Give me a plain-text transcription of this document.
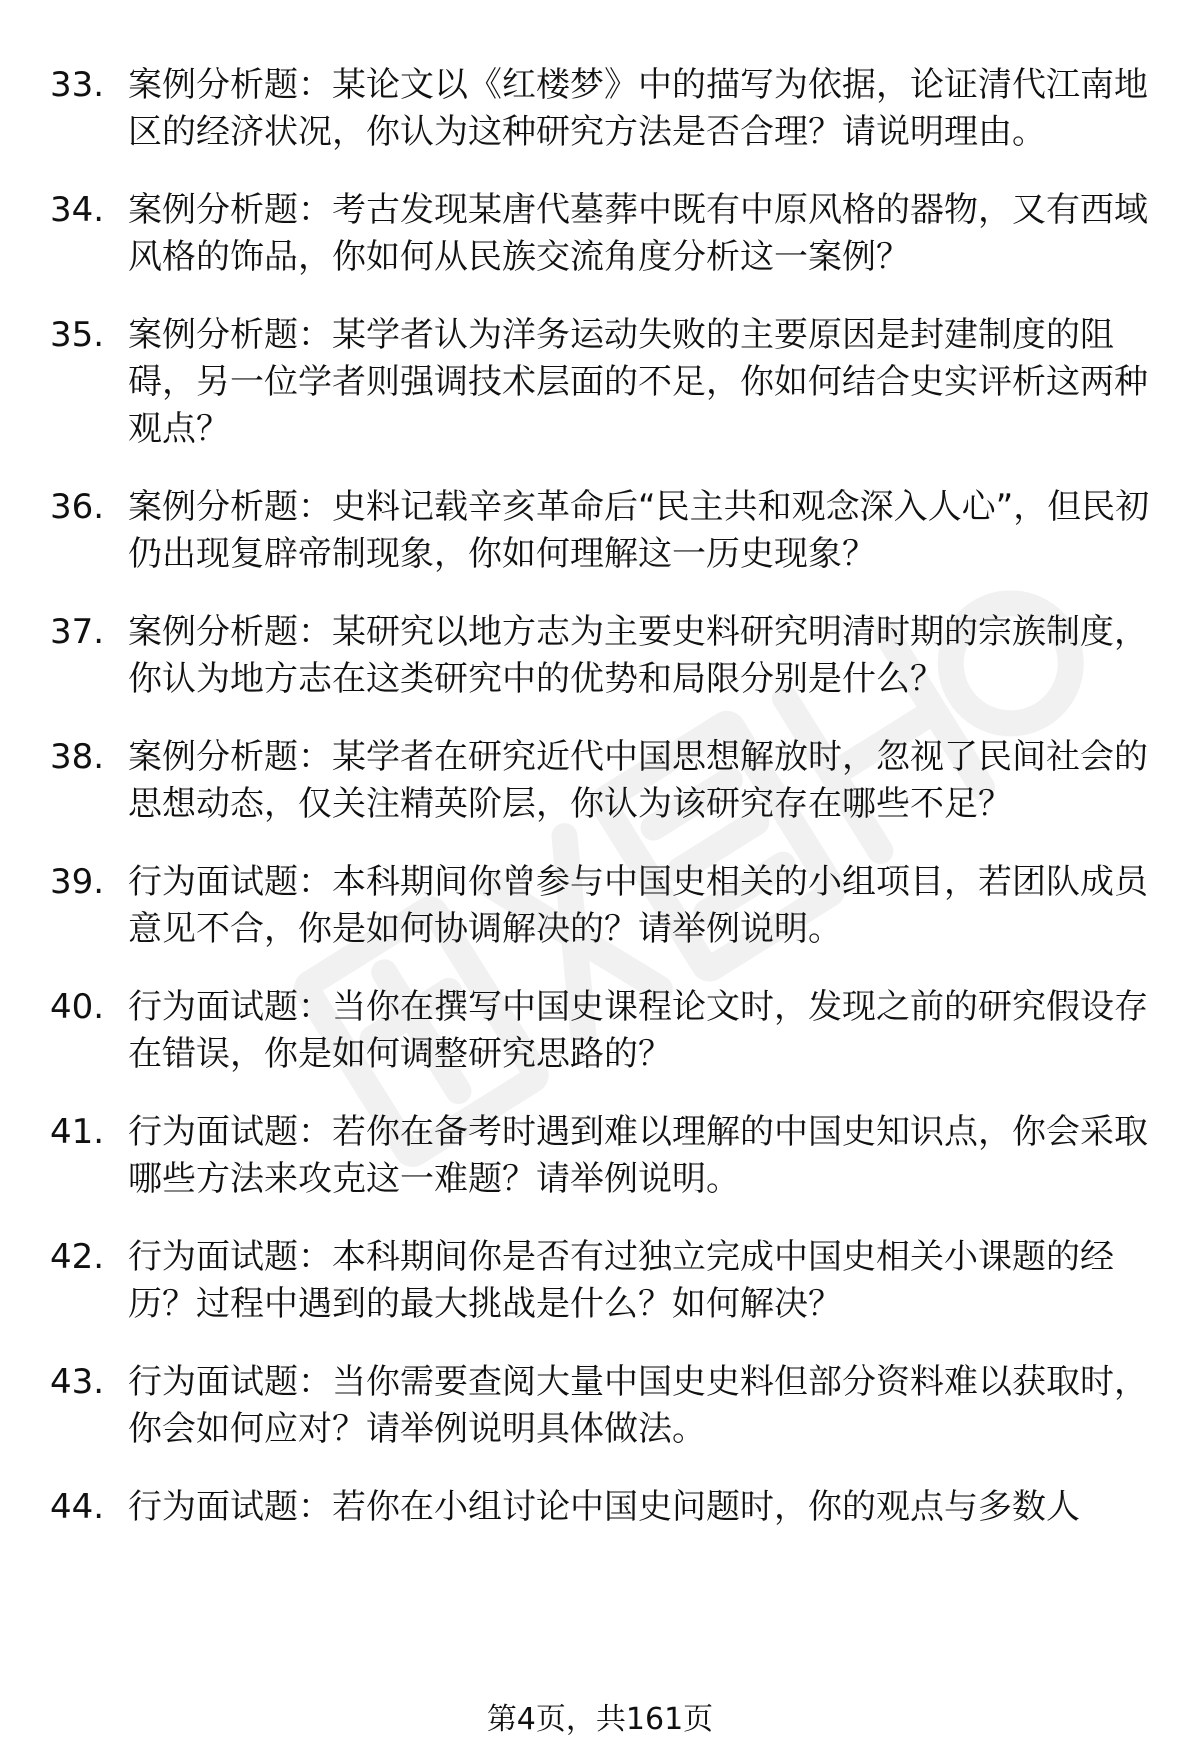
33. 案例分析题：某论文以《红楼梦》中的描写为依据，论证清代江南地区的经济状况，你认为这种研究方法是否合理？请说明理由。
34. 案例分析题：考古发现某唐代墓葬中既有中原风格的器物，又有西域风格的饰品，你如何从民族交流角度分析这一案例？
35. 案例分析题：某学者认为洋务运动失败的主要原因是封建制度的阻碍，另一位学者则强调技术层面的不足，你如何结合史实评析这两种观点？
36. 案例分析题：史料记载辛亥革命后“民主共和观念深入人心”，但民初仍出现复辟帝制现象，你如何理解这一历史现象？
37. 案例分析题：某研究以地方志为主要史料研究明清时期的宗族制度，你认为地方志在这类研究中的优势和局限分别是什么？
38. 案例分析题：某学者在研究近代中国思想解放时，忽视了民间社会的思想动态，仅关注精英阶层，你认为该研究存在哪些不足？
39. 行为面试题：本科期间你曾参与中国史相关的小组项目，若团队成员意见不合，你是如何协调解决的？请举例说明。
40. 行为面试题：当你在撰写中国史课程论文时，发现之前的研究假设存在错误，你是如何调整研究思路的？
41. 行为面试题：若你在备考时遇到难以理解的中国史知识点，你会采取哪些方法来攻克这一难题？请举例说明。
42. 行为面试题：本科期间你是否有过独立完成中国史相关小课题的经历？过程中遇到的最大挑战是什么？如何解决？
43. 行为面试题：当你需要查阅大量中国史史料但部分资料难以获取时，你会如何应对？请举例说明具体做法。
44. 行为面试题：若你在小组讨论中国史问题时，你的观点与多数人
第4页，共161页
